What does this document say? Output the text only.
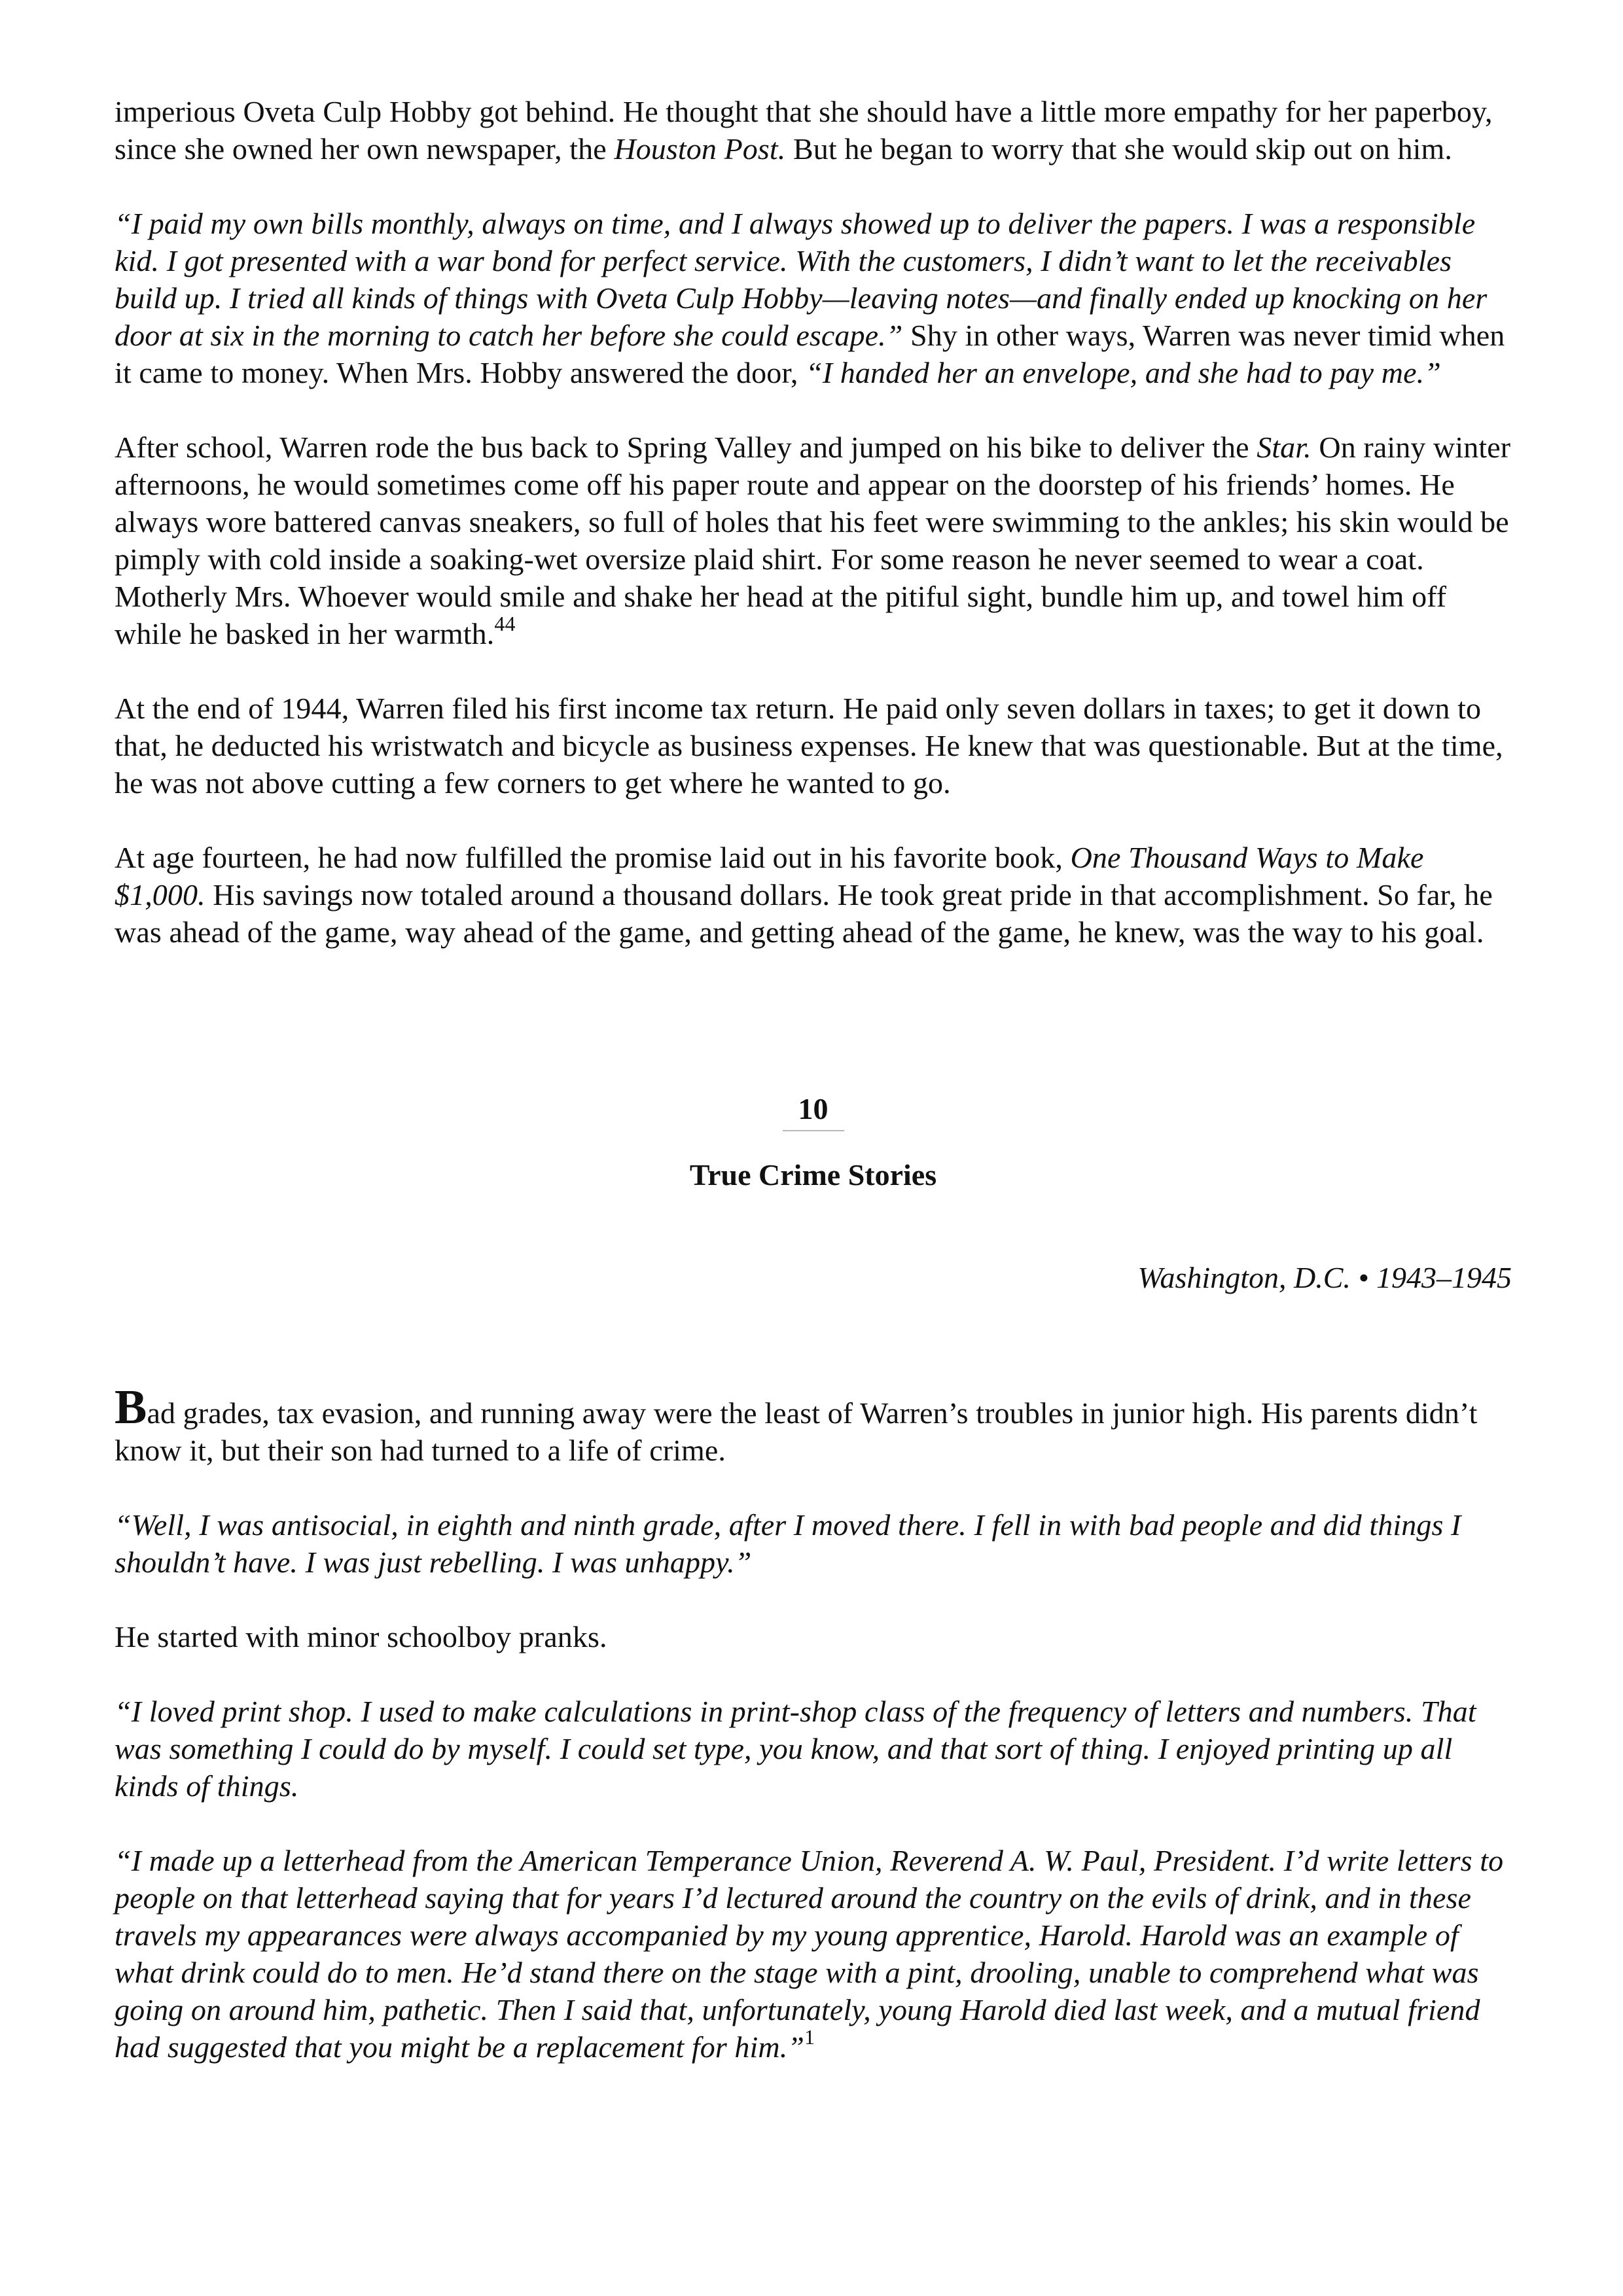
imperious Oveta Culp Hobby got behind. He thought that she should have a little more empathy for her paperboy, since she owned her own newspaper, the Houston Post. But he began to worry that she would skip out on him.

“I paid my own bills monthly, always on time, and I always showed up to deliver the papers. I was a responsible kid. I got presented with a war bond for perfect service. With the customers, I didn’t want to let the receivables build up. I tried all kinds of things with Oveta Culp Hobby—leaving notes—and finally ended up knocking on her door at six in the morning to catch her before she could escape.” Shy in other ways, Warren was never timid when it came to money. When Mrs. Hobby answered the door, “I handed her an envelope, and she had to pay me.”

After school, Warren rode the bus back to Spring Valley and jumped on his bike to deliver the Star. On rainy winter afternoons, he would sometimes come off his paper route and appear on the doorstep of his friends’ homes. He always wore battered canvas sneakers, so full of holes that his feet were swimming to the ankles; his skin would be pimply with cold inside a soaking-wet oversize plaid shirt. For some reason he never seemed to wear a coat. Motherly Mrs. Whoever would smile and shake her head at the pitiful sight, bundle him up, and towel him off while he basked in her warmth.$^{44}$

At the end of 1944, Warren filed his first income tax return. He paid only seven dollars in taxes; to get it down to that, he deducted his wristwatch and bicycle as business expenses. He knew that was questionable. But at the time, he was not above cutting a few corners to get where he wanted to go.

At age fourteen, he had now fulfilled the promise laid out in his favorite book, One Thousand Ways to Make $1,000. His savings now totaled around a thousand dollars. He took great pride in that accomplishment. So far, he was ahead of the game, way ahead of the game, and getting ahead of the game, he knew, was the way to his goal.

10
True Crime Stories
Washington, D.C. • 1943–1945

Bad grades, tax evasion, and running away were the least of Warren’s troubles in junior high. His parents didn’t know it, but their son had turned to a life of crime.

“Well, I was antisocial, in eighth and ninth grade, after I moved there. I fell in with bad people and did things I shouldn’t have. I was just rebelling. I was unhappy.”

He started with minor schoolboy pranks.

“I loved print shop. I used to make calculations in print-shop class of the frequency of letters and numbers. That was something I could do by myself. I could set type, you know, and that sort of thing. I enjoyed printing up all kinds of things.

“I made up a letterhead from the American Temperance Union, Reverend A. W. Paul, President. I’d write letters to people on that letterhead saying that for years I’d lectured around the country on the evils of drink, and in these travels my appearances were always accompanied by my young apprentice, Harold. Harold was an example of what drink could do to men. He’d stand there on the stage with a pint, drooling, unable to comprehend what was going on around him, pathetic. Then I said that, unfortunately, young Harold died last week, and a mutual friend had suggested that you might be a replacement for him.”$^1$
